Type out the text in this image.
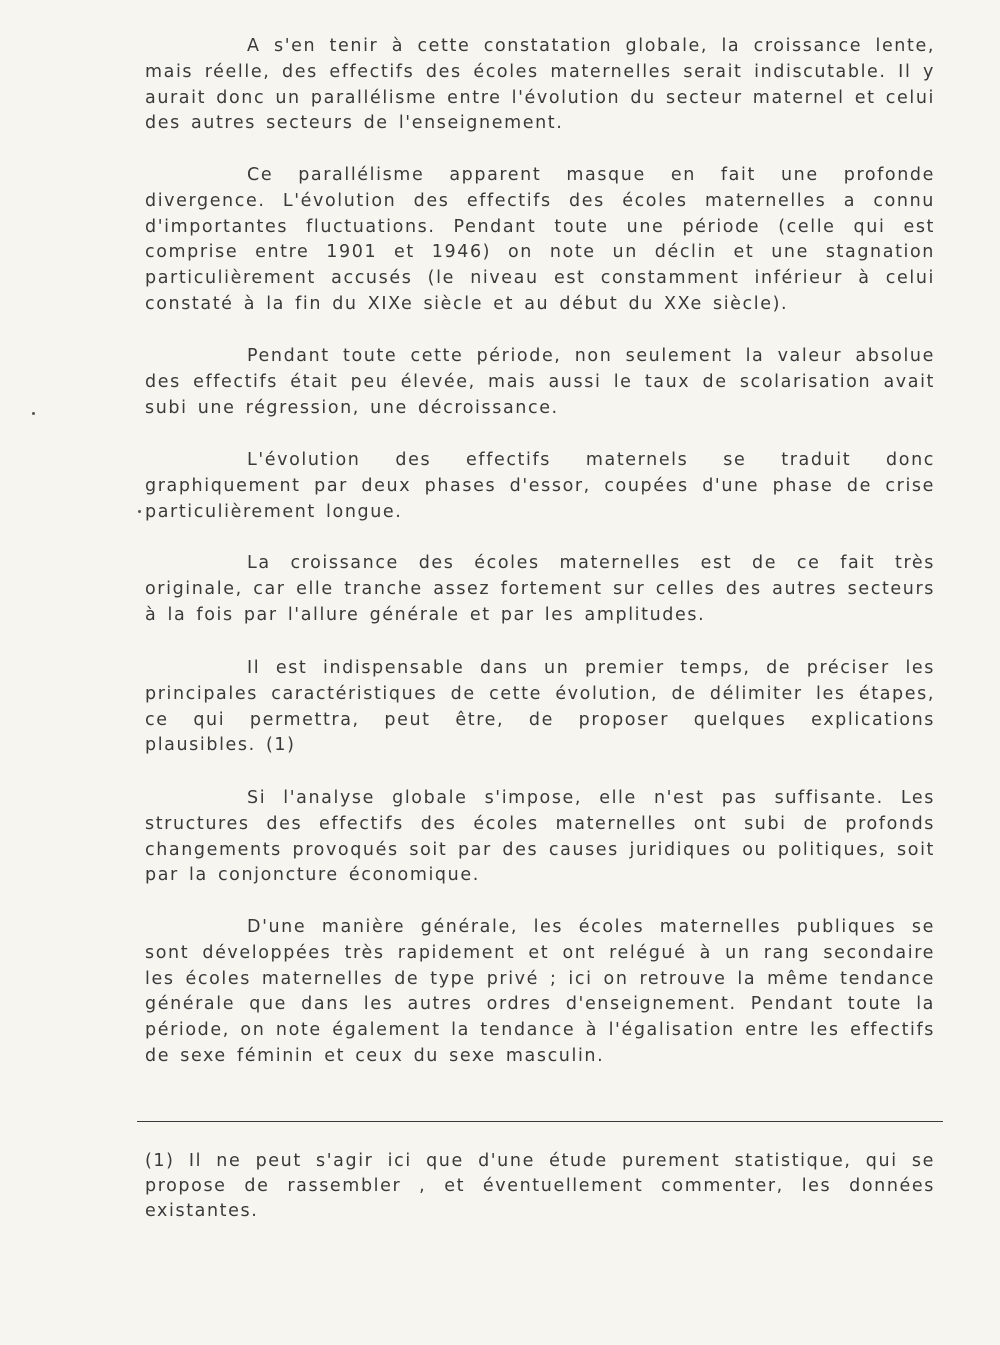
A s'en tenir à cette constatation globale, la croissance lente, mais réelle, des effectifs des écoles maternelles serait indiscutable. Il y aurait donc un parallélisme entre l'évolution du secteur maternel et celui des autres secteurs de l'enseignement.

Ce parallélisme apparent masque en fait une profonde divergence. L'évolution des effectifs des écoles maternelles a connu d'importantes fluctuations. Pendant toute une période (celle qui est comprise entre 1901 et 1946) on note un déclin et une stagnation particulièrement accusés (le niveau est constamment inférieur à celui constaté à la fin du XIXe siècle et au début du XXe siècle).

Pendant toute cette période, non seulement la valeur absolue des effectifs était peu élevée, mais aussi le taux de scolarisation avait subi une régression, une décroissance.

L'évolution des effectifs maternels se traduit donc graphiquement par deux phases d'essor, coupées d'une phase de crise particulièrement longue.

La croissance des écoles maternelles est de ce fait très originale, car elle tranche assez fortement sur celles des autres secteurs à la fois par l'allure générale et par les amplitudes.

Il est indispensable dans un premier temps, de préciser les principales caractéristiques de cette évolution, de délimiter les étapes, ce qui permettra, peut être, de proposer quelques explications plausibles. (1)

Si l'analyse globale s'impose, elle n'est pas suffisante. Les structures des effectifs des écoles maternelles ont subi de profonds changements provoqués soit par des causes juridiques ou politiques, soit par la conjoncture économique.

D'une manière générale, les écoles maternelles publiques se sont développées très rapidement et ont relégué à un rang secondaire les écoles maternelles de type privé ; ici on retrouve la même tendance générale que dans les autres ordres d'enseignement. Pendant toute la période, on note également la tendance à l'égalisation entre les effectifs de sexe féminin et ceux du sexe masculin.

(1) Il ne peut s'agir ici que d'une étude purement statistique, qui se propose de rassembler , et éventuellement commenter, les données existantes.
